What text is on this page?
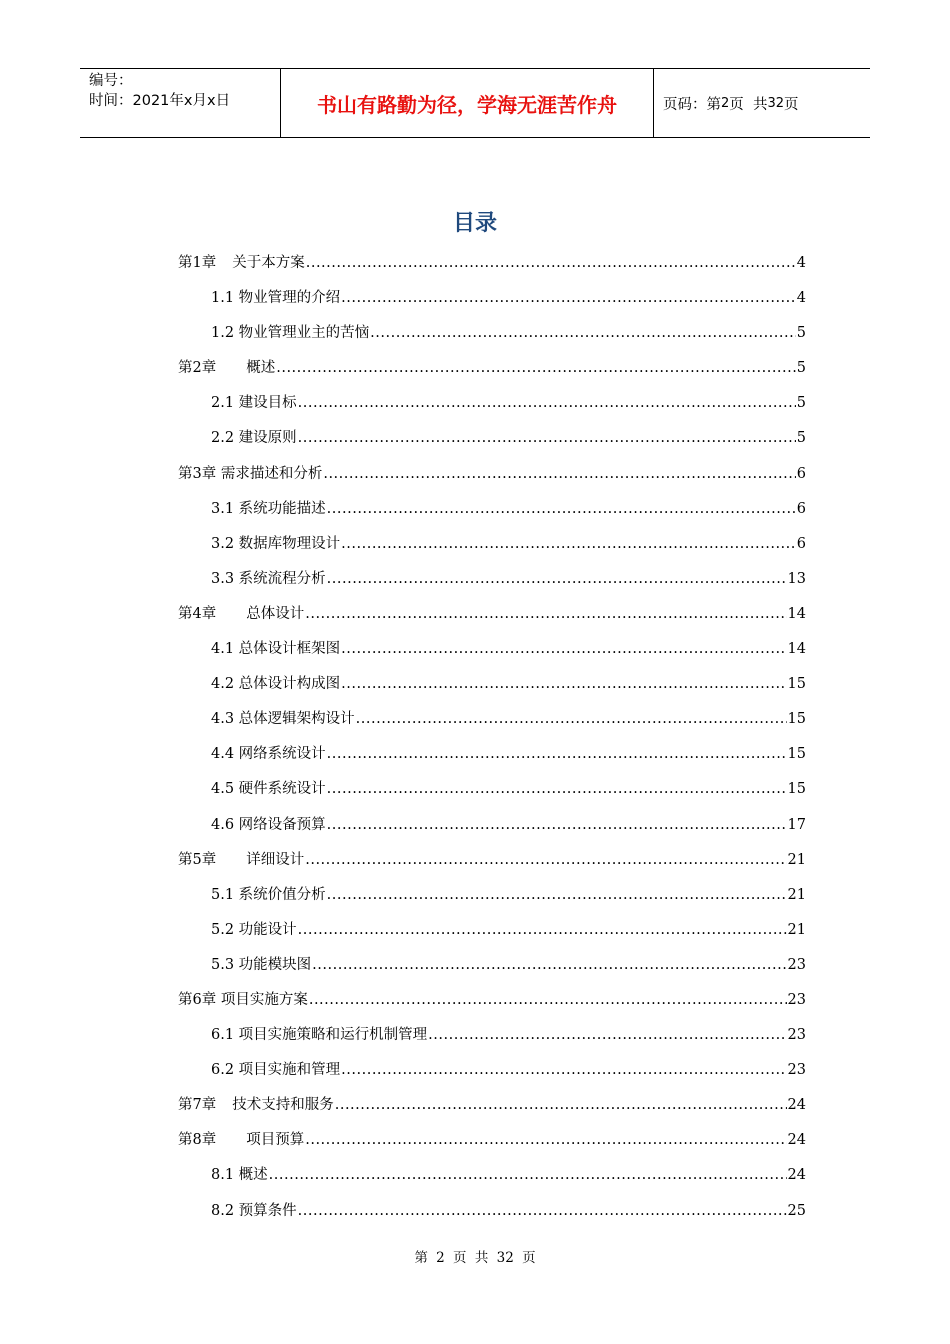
编号：
时间：2021年x月x日	书山有路勤为径，学海无涯苦作舟	页码：第 2 页  共 32 页
目录
第1章 关于本方案 .....	4
1.1 物业管理的介绍 .....	4
1.2 物业管理业主的苦恼 .....	5
第2章 概述 .....	5
2.1 建设目标 .....	5
2.2 建设原则 .....	5
第3章 需求描述和分析 .....	6
3.1 系统功能描述 .....	6
3.2 数据库物理设计 .....	6
3.3 系统流程分析 .....	13
第4章 总体设计 .....	14
4.1 总体设计框架图 .....	14
4.2 总体设计构成图 .....	15
4.3 总体逻辑架构设计 .....	15
4.4 网络系统设计 .....	15
4.5 硬件系统设计 .....	15
4.6 网络设备预算 .....	17
第5章 详细设计 .....	21
5.1 系统价值分析 .....	21
5.2 功能设计 .....	21
5.3 功能模块图 .....	23
第6章 项目实施方案 .....	23
6.1 项目实施策略和运行机制管理 .....	23
6.2 项目实施和管理 .....	23
第7章 技术支持和服务 .....	24
第8章 项目预算 .....	24
8.1 概述 .....	24
8.2 预算条件 .....	25
第 2 页 共 32 页
